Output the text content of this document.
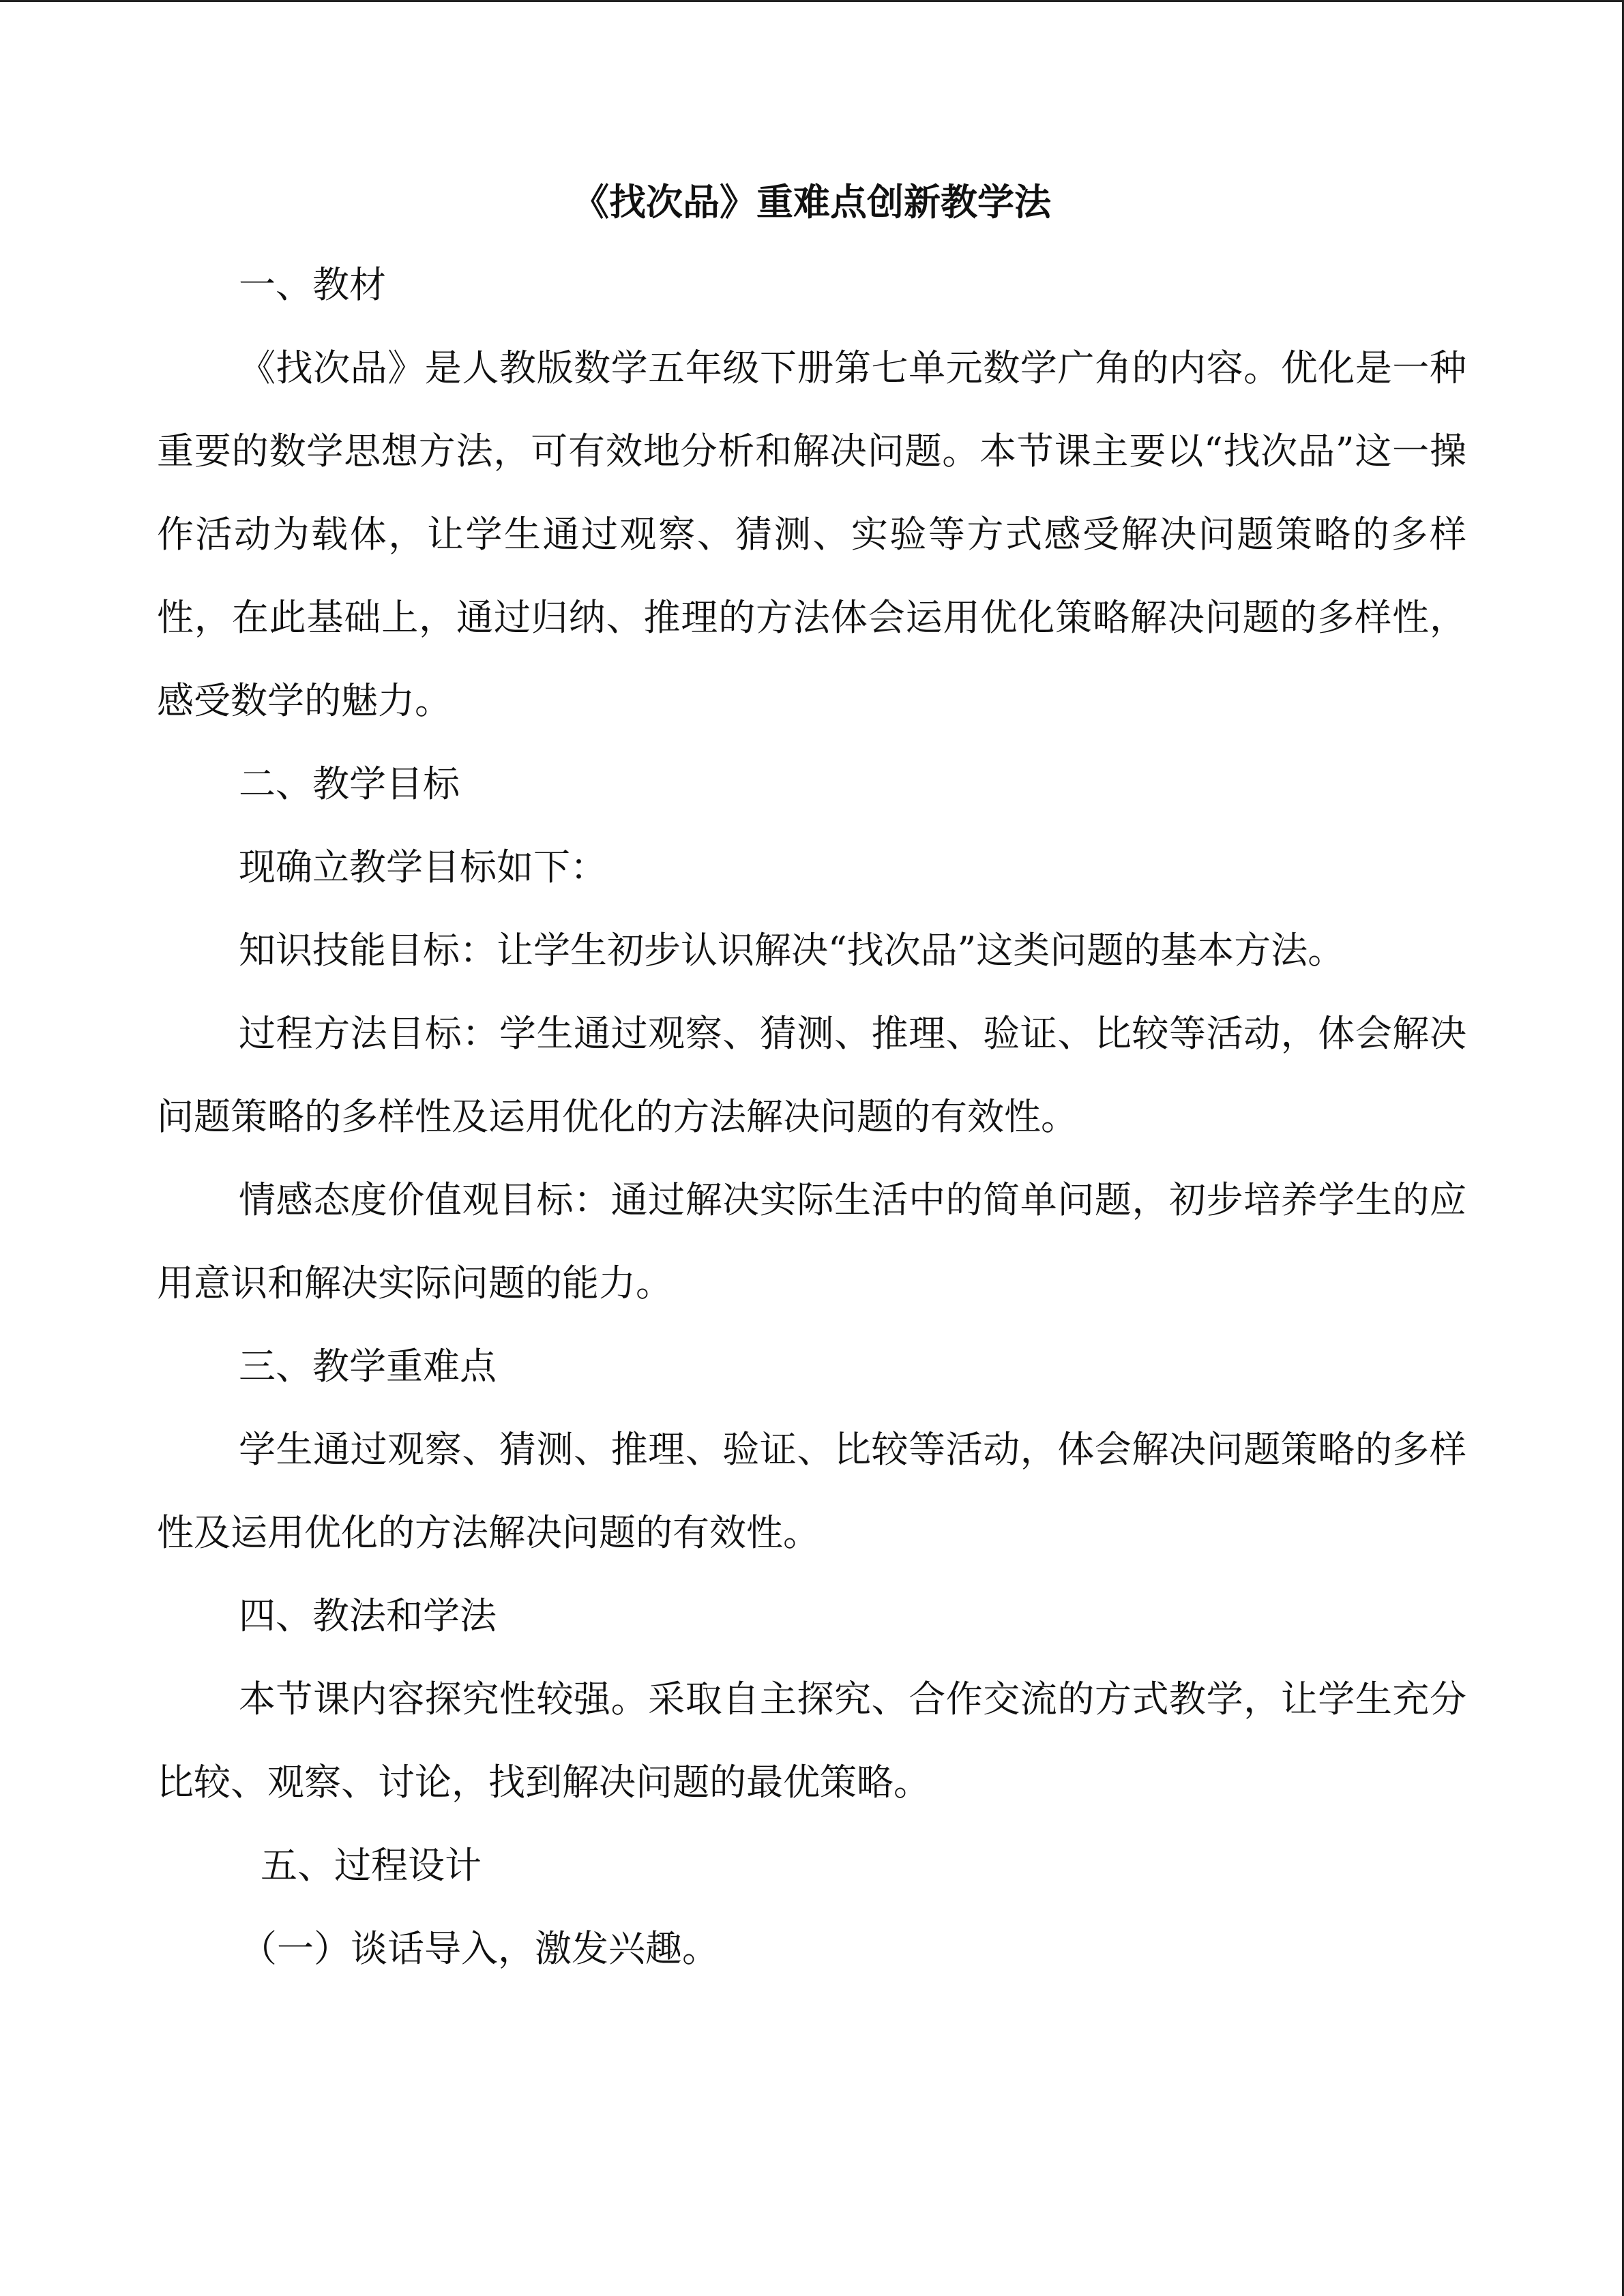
《找次品》重难点创新教学法

一、教材

《找次品》是人教版数学五年级下册第七单元数学广角的内容。优化是一种重要的数学思想方法，可有效地分析和解决问题。本节课主要以“找次品”这一操作活动为载体，让学生通过观察、猜测、实验等方式感受解决问题策略的多样性，在此基础上，通过归纳、推理的方法体会运用优化策略解决问题的多样性，感受数学的魅力。

二、教学目标

现确立教学目标如下：

知识技能目标：让学生初步认识解决“找次品”这类问题的基本方法。

过程方法目标：学生通过观察、猜测、推理、验证、比较等活动，体会解决问题策略的多样性及运用优化的方法解决问题的有效性。

情感态度价值观目标：通过解决实际生活中的简单问题，初步培养学生的应用意识和解决实际问题的能力。

三、教学重难点

学生通过观察、猜测、推理、验证、比较等活动，体会解决问题策略的多样性及运用优化的方法解决问题的有效性。

四、教法和学法

本节课内容探究性较强。采取自主探究、合作交流的方式教学，让学生充分比较、观察、讨论，找到解决问题的最优策略。

五、过程设计

（一）谈话导入，激发兴趣。
